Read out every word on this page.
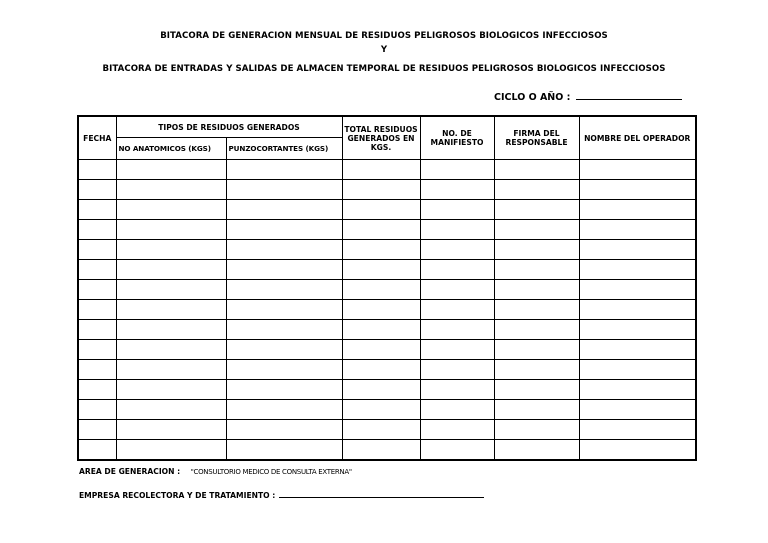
BITACORA DE GENERACION MENSUAL DE RESIDUOS PELIGROSOS BIOLOGICOS INFECCIOSOS
Y
BITACORA DE ENTRADAS Y SALIDAS DE ALMACEN TEMPORAL DE RESIDUOS PELIGROSOS BIOLOGICOS INFECCIOSOS
CICLO O AÑO :
FECHA	TIPOS DE RESIDUOS GENERADOS		TOTAL RESIDUOS GENERADOS EN KGS.	NO. DE MANIFIESTO	FIRMA DEL RESPONSABLE	NOMBRE DEL OPERADOR
	NO ANATOMICOS (KGS)	PUNZOCORTANTES (KGS)				

AREA DE GENERACION : "CONSULTORIO MEDICO DE CONSULTA EXTERNA"
EMPRESA RECOLECTORA Y DE TRATAMIENTO :
